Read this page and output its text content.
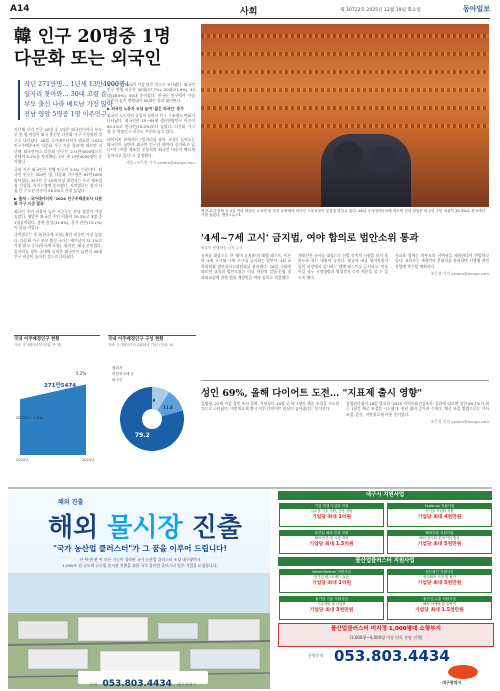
A14	사회	제 30722호 2025년 12월 19일 화요일	동아일보
韓 인구 20명중 1명
다문화 또는 외국인
작년 271만명… 1년새 13만4000명↑
일자리 찾아와… 30대 고령 순
부모 출신 나라 베트남 가장 많아
전남 영암 5명중 1명 이주민구

지난해 우리 인구 20명 중 1명은 외국인이거나 부모 중 한 명 이상이 외국 출신인 다문화 가구 구성원인 것으로 나타났다. 18일 국가데이터처가 발표한 '2024 인구주택총조사 다문화 가구 기준 결과'에 따르면 지난해 외국인이나 다문화 인구는 271만5000명으로 전체의 5.2%를 차지했다. 1년 새 13만4000명이 증가했다.

국내 거주 외국인은 전체 인구의 3.9% 수준이다. 외국인 인구는 204만 명, 다문화 가구원은 67만5000명이었다. 외국인 중 15세 이상 취업자는 주로 제조업과 건설업, 서비스업에 종사했다. 지역별로는 경기·서울 등 수도권 비중이 56.5%로 가장 높았다.

▶ 출처 : 국가데이터처 '2024 인구주택총조사 다문화 가구 기준 결과'

외국인 주민 비율이 높은 시군구는 전남 영암이 가장 높았다. 영암은 외국인 주민 비율이 20.3%로 5명 중 1명꼴이었다. 충북 음성(15.6%), 경기 안산(15.1%)이 뒤를 이었다.

국적별로는 중국(한국계 포함) 출신 비중이 가장 높았다. 다문화 가구 부모 출신 국가는 베트남이 31.1%로 가장 많고 중국(한국계 포함), 필리핀, 태국 순이었다. 일자리를 찾아 국내에 들어온 외국인이 늘면서 30대 인구 비중이 높아진 것으로 나타났다.

외국인 중 30대가 가장 많은 것으로 조사됐다. 외국인 인구 연령 비중은 30대(27.7%), 20대(21.9%), 40대(18.9%), 50대 순이었다. 한국인 인구에서 가장 비중이 높은 연령대가 50대인 것과 대비된다.

▶ 외국인 노동자 유입 늘며 '젊은 외국인' 증가

외국인 노동자의 유입이 늘면서 인구 구조에도 변화가 나타났다. 외국인은 15~64세 생산연령인구 비중이 90.5%로 한국인(70.4%)보다 높았다. 다문화 가구원 중 학령인구 비중도 꾸준히 늘고 있다.

데이터처 관계자는 "일자리를 찾아 국내로 들어오는 외국인이 늘면서 외국인 인구가 해마다 증가하고 있다"며 "지방 제조업 중심지의 외국인 비중이 빠르게 높아지고 있다"고 설명했다.

세종=조응형 기자 yesbro@donga.com

국내 이주배경인구 현황
자료: 국가데이터처 (단위: 만 명)
271만5474
5.2%
2020년도 3.9%
2020년	2024년
국내 이주배경인구 구성 현황
자료: 국가데이터처 (2024년 기준) (단위: %)
9
11.8
79.2
귀화자
이민자 2세 등
외국인
영암 무김 말릭 곳 2일 전남 영암군 도포면 한 곶감 농장에서 외국인 노동자들이 곶감을 말리고 있다. 18일 국가데이터처에 따르면 전남 영암은 외국인 주민 비율이 20.3%로 전국에서 가장 높았다. 영암=뉴스1
'4세~7세 고시' 금지법, 여야 합의로 법안소위 통과
영유아 선행학습 금지 논의

유아를 대상으로 한 '영어 유치원'의 레벨 테스트, 이른바 '4세 고시'와 '7세 고시'를 금지하는 법안이 국회 교육위원회 법안심사소위원회를 통과했다. 18일 국회에 따르면 교육위 법안소위는 이날 학원의 설립·운영 및 과외교습에 관한 법률 개정안을 여야 합의로 의결했다.

개정안은 유아를 대상으로 선발 목적의 시험을 보지 못하도록 하는 내용이 골자다. 영유아 대상 영어학원이 입학 과정에서 실시하는 레벨 테스트를 금지하고, 이를 어길 경우 시정명령과 영업정지 등의 처분을 할 수 있도록 했다.

사교육 업계는 학부모의 선택권을 제한한다며 반발하고 있다. 교육부는 개정안이 본회의를 통과하면 시행령 개정 작업에 착수할 계획이다.

조응형 기자 yesbro@donga.com

성인 69%, 올해 다이어트 도전… "지표제 출시 영향"

질병청, 20세 이상 성인 조사 결과, 작년보다 10명 중 약 7명이 체중 조절을 시도한 것으로 나타났다. 비만치료제 출시 이후 다이어트 관심이 높아졌다는 분석이다.

질병관리청이 18일 발표한 '2025 지역사회건강조사' 결과에 따르면 성인 69.1%가 최근 1년간 체중 조절을 시도했다. 전년 대비 증가한 수치다. 체중 조절 방법으로는 식사 조절, 운동, 비만치료제 사용 순이었다.

조응형 기자 yesbro@donga.com

해외 진출
해외 물시장 진출
"국가 농산업 클러스터"가 그 꿈을 이루어 드립니다!
산·학·연·관 이 모든 기능이 집약된 국가 농산업 클러스터 조성 대구광역시
1,000조 원 규모의 글로벌 물시장 진출을 위한 국가 물산업 클러스터 입주 기업을 모집합니다.
문의 053.803.4434 대구광역시
대구시 지원사업
기업 연계 사업화 지원
글로벌 기술 지원, 인증 지원
기업당 최대 1억원
Scale-up 지원사업
신기술 사업화 지원
기업당 최대 4천만원
물산업 해외 진출 지원
해외 인증 및 시장 개척
기업당 최대 1.5억원
해외진출 지원사업
해외 전시회 및 바이어 발굴
기업당 최대 5천만원
물산업클러스터 지원사업
Water-Partner 지원사업
물기업 테스트베드 실증
기업당 최대 1억원
성능확인 지원사업
성능확인 시험 및 평가
기업당 최대 5천만원
물기업 기술 지원사업
기술개발 및 사업화
기업당 최대 3천만원
물산업 수출 지원사업
해외 마케팅 및 통번역
기업당 최대 1.5천만원
물산업클러스터 미지정 1,000평대 소형부지
(1,000평~4,000평 이상 단독 분양 진행)
분양문의 053.803.4434
대구광역시
